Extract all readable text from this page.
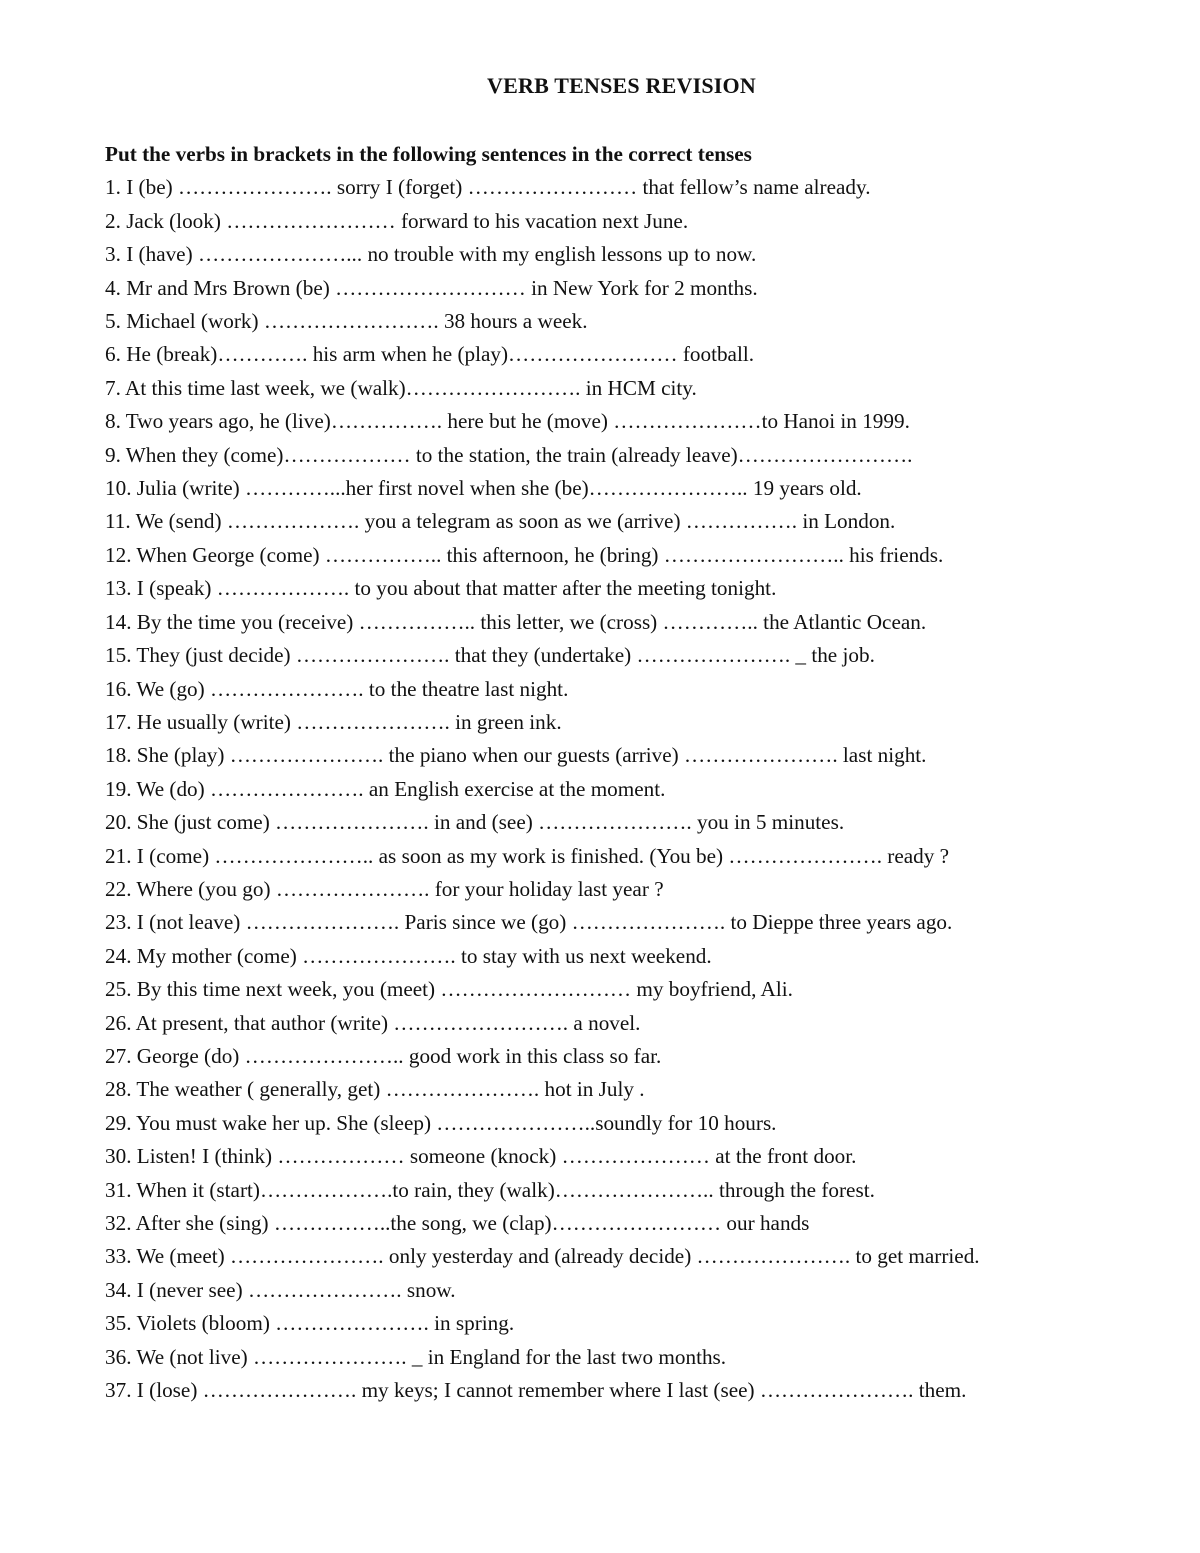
VERB TENSES REVISION
Put the verbs in brackets in the following sentences in the correct tenses
1. I (be) …………………. sorry I (forget) …………………… that fellow’s name already.
2. Jack (look) …………………… forward to his vacation next June.
3. I (have) …………………... no trouble with my english lessons up to now.
4. Mr and Mrs Brown (be) ……………………… in New York for 2 months.
5. Michael (work) ……………………. 38 hours a week.
6. He (break)…………. his arm when he (play)…………………… football.
7. At this time last week, we (walk)……………………. in HCM city.
8. Two years ago, he (live)……………. here but he (move) …………………to Hanoi in 1999.
9. When they (come)……………… to the station, the train (already leave)…………………….
10. Julia (write) …………...her first novel when she (be)………………….. 19 years old.
11. We (send) ………………. you a telegram as soon as we (arrive) ……………. in London.
12. When George (come) …………….. this afternoon, he (bring) …………………….. his friends.
13. I (speak) ………………. to you about that matter after the meeting tonight.
14. By the time you (receive) …………….. this letter, we (cross) ………….. the Atlantic Ocean.
15. They (just decide) …………………. that they (undertake) …………………. _ the job.
16. We (go) …………………. to the theatre last night.
17. He usually (write) …………………. in green ink.
18. She (play) …………………. the piano when our guests (arrive) …………………. last night.
19. We (do) …………………. an English exercise at the moment.
20. She (just come) …………………. in and (see) …………………. you in 5 minutes.
21. I (come) ………………….. as soon as my work is finished. (You be) …………………. ready ?
22. Where (you go) …………………. for your holiday last year ?
23. I (not leave) …………………. Paris since we (go) …………………. to Dieppe three years ago.
24. My mother (come) …………………. to stay with us next weekend.
25. By this time next week, you (meet) ……………………… my boyfriend, Ali.
26. At present, that author (write) ……………………. a novel.
27. George (do) ………………….. good work in this class so far.
28. The weather ( generally, get) …………………. hot in July .
29. You must wake her up. She (sleep) …………………..soundly for 10 hours.
30. Listen! I (think) ……………… someone (knock) ………………… at the front door.
31. When it (start)……………….to rain, they (walk)………………….. through the forest.
32. After she (sing) ……………..the song, we (clap)…………………… our hands
33. We (meet) …………………. only yesterday and (already decide) …………………. to get married.
34. I (never see) …………………. snow.
35. Violets (bloom) …………………. in spring.
36. We (not live) …………………. _ in England for the last two months.
37. I (lose) …………………. my keys; I cannot remember where I last (see) …………………. them.
